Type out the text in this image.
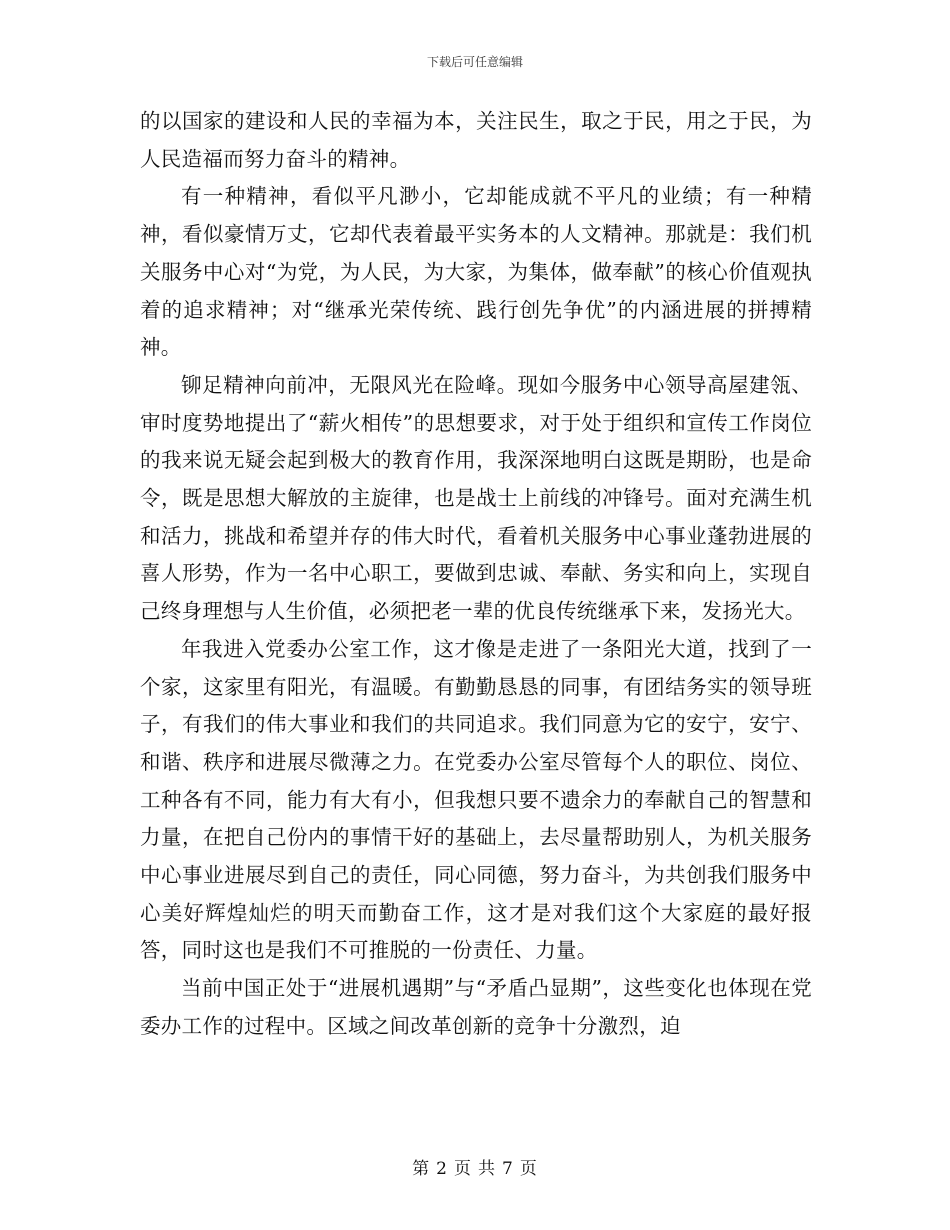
下载后可任意编辑

的以国家的建设和人民的幸福为本，关注民生，取之于民，用之于民，为人民造福而努力奋斗的精神。

有一种精神，看似平凡渺小，它却能成就不平凡的业绩；有一种精神，看似豪情万丈，它却代表着最平实务本的人文精神。那就是：我们机关服务中心对“为党，为人民，为大家，为集体，做奉献”的核心价值观执着的追求精神；对“继承光荣传统、践行创先争优”的内涵进展的拼搏精神。

铆足精神向前冲，无限风光在险峰。现如今服务中心领导高屋建瓴、审时度势地提出了“薪火相传”的思想要求，对于处于组织和宣传工作岗位的我来说无疑会起到极大的教育作用，我深深地明白这既是期盼，也是命令，既是思想大解放的主旋律，也是战士上前线的冲锋号。面对充满生机和活力，挑战和希望并存的伟大时代，看着机关服务中心事业蓬勃进展的喜人形势，作为一名中心职工，要做到忠诚、奉献、务实和向上，实现自己终身理想与人生价值，必须把老一辈的优良传统继承下来，发扬光大。

年我进入党委办公室工作，这才像是走进了一条阳光大道，找到了一个家，这家里有阳光，有温暖。有勤勤恳恳的同事，有团结务实的领导班子，有我们的伟大事业和我们的共同追求。我们同意为它的安宁，安宁、和谐、秩序和进展尽微薄之力。在党委办公室尽管每个人的职位、岗位、工种各有不同，能力有大有小，但我想只要不遗余力的奉献自己的智慧和力量，在把自己份内的事情干好的基础上，去尽量帮助别人，为机关服务中心事业进展尽到自己的责任，同心同德，努力奋斗，为共创我们服务中心美好辉煌灿烂的明天而勤奋工作，这才是对我们这个大家庭的最好报答，同时这也是我们不可推脱的一份责任、力量。

当前中国正处于“进展机遇期”与“矛盾凸显期”，这些变化也体现在党委办工作的过程中。区域之间改革创新的竞争十分激烈，迫

第 2 页 共 7 页
